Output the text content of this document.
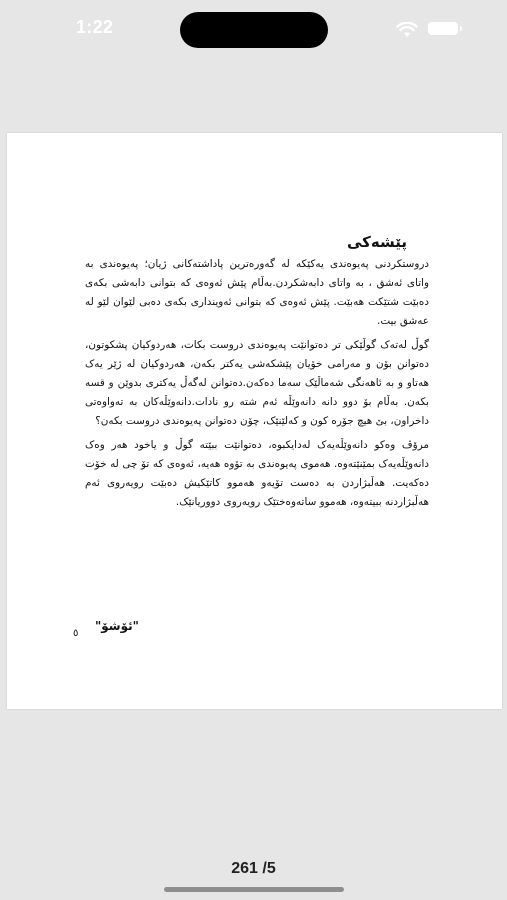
1:22
پێشەکی

دروستکردنی پەیوەندی یەکێکە لە گەورەترین پاداشتەکانی ژیان؛ پەیوەندی بە واتای ئەشق ، بە واتای دابەشکردن.بەڵام پێش ئەوەی کە بتوانی دابەشی بکەی دەبێت شتێکت هەبێت. پێش ئەوەی کە بتوانی ئەوینداری بکەی دەبی لێوان لێو لە عەشق بیت.

گوڵ لەتەک گوڵێکی تر دەتوانێت پەیوەندی دروست بکات، هەردوکیان پشکوتون، دەتوانن بۆن و مەرامی خۆیان پێشکەشی یەکتر بکەن، هەردوکیان لە ژێر یەک هەتاو و بە ئاهەنگی شەماڵێک سەما دەکەن.دەتوانن لەگەڵ یەکتری بدوێن و قسە بکەن. بەڵام بۆ دوو دانە دانەوێڵە ئەم شتە رو نادات.دانەوێڵەکان بە تەواوەتی داخراون، بێ هیچ جۆرە کون و کەلێنێک، چۆن دەتوانن پەیوەندی دروست بکەن؟

مرۆڤ وەکو دانەوێڵەیەک لەدایکبوە، دەتوانێت ببێتە گوڵ و یاخود هەر وەک دانەوێڵەیەک بمێنێتەوە. هەموی پەیوەندی بە تۆوە هەیە، ئەوەی کە تۆ چی لە خۆت دەکەیت. هەڵبژاردن بە دەست تۆیەو هەموو کاتێکیش دەبێت رویەروی ئەم هەڵبژاردنە ببیتەوە، هەموو ساتەوەختێک رویەروی دووریانێک.

"ئۆشۆ"
٥
261 /5
